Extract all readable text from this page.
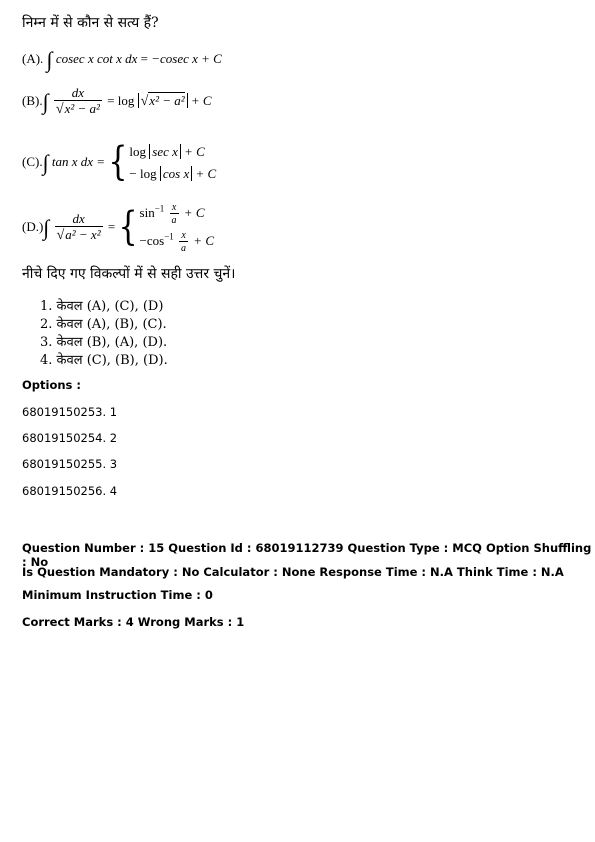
निम्न में से कौन से सत्य हैं?
(A). ∫ cosec x cot x dx = −cosec x + C
$(B).\int \frac{dx}{\text{√x² − a²}} = \log √x^2 - a^2 + C$
(C).∫ tan x dx = { log sec x + C
− log cos x + C
$(D.)\int \frac{dx}{\text{√a² − x²}}$ = { $\sin^{-1} \frac{x}{a} + C$
$-\cos^{-1} \frac{x}{a} + C$
नीचे दिए गए विकल्पों में से सही उत्तर चुनें।
1. केवल (A), (C), (D)
2. केवल (A), (B), (C).
3. केवल (B), (A), (D).
4. केवल (C), (B), (D).
Options :
68019150253. 1
68019150254. 2
68019150255. 3
68019150256. 4
Question Number : 15 Question Id : 68019112739 Question Type : MCQ Option Shuffling : No
Is Question Mandatory : No Calculator : None Response Time : N.A Think Time : N.A
Minimum Instruction Time : 0
Correct Marks : 4 Wrong Marks : 1
